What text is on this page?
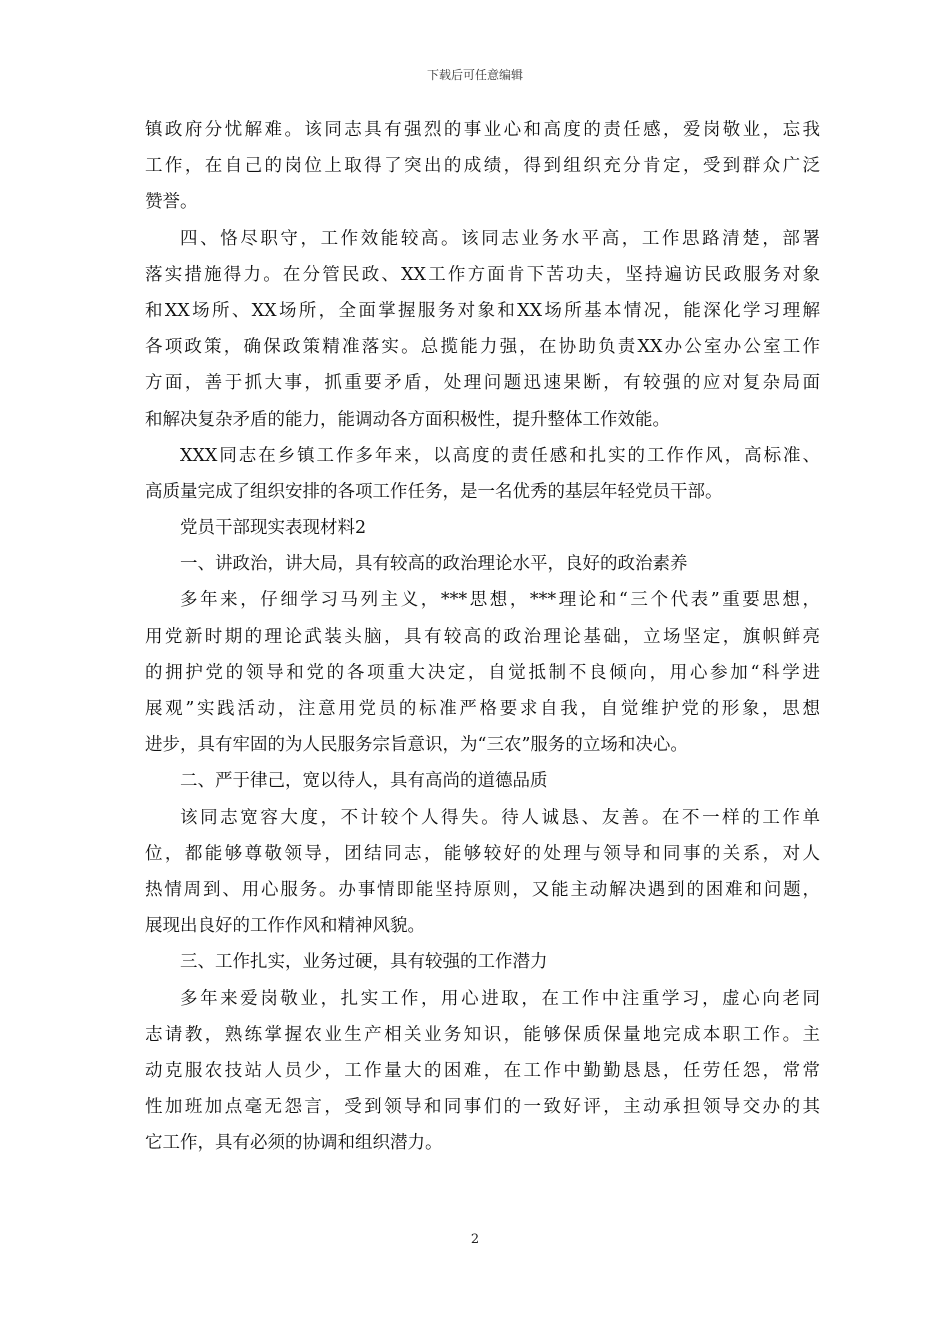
下载后可任意编辑
镇政府分忧解难。该同志具有强烈的事业心和高度的责任感，爱岗敬业，忘我
工作，在自己的岗位上取得了突出的成绩，得到组织充分肯定，受到群众广泛
赞誉。
四、恪尽职守，工作效能较高。该同志业务水平高，工作思路清楚，部署
落实措施得力。在分管民政、XX工作方面肯下苦功夫，坚持遍访民政服务对象
和XX场所、XX场所，全面掌握服务对象和XX场所基本情况，能深化学习理解
各项政策，确保政策精准落实。总揽能力强，在协助负责XX办公室办公室工作
方面，善于抓大事，抓重要矛盾，处理问题迅速果断，有较强的应对复杂局面
和解决复杂矛盾的能力，能调动各方面积极性，提升整体工作效能。
XXX同志在乡镇工作多年来，以高度的责任感和扎实的工作作风，高标准、
高质量完成了组织安排的各项工作任务，是一名优秀的基层年轻党员干部。
党员干部现实表现材料2
一、讲政治，讲大局，具有较高的政治理论水平，良好的政治素养
多年来，仔细学习马列主义，***思想，***理论和“三个代表”重要思想，
用党新时期的理论武装头脑，具有较高的政治理论基础，立场坚定，旗帜鲜亮
的拥护党的领导和党的各项重大决定，自觉抵制不良倾向，用心参加“科学进
展观”实践活动，注意用党员的标准严格要求自我，自觉维护党的形象，思想
进步，具有牢固的为人民服务宗旨意识，为“三农”服务的立场和决心。
二、严于律己，宽以待人，具有高尚的道德品质
该同志宽容大度，不计较个人得失。待人诚恳、友善。在不一样的工作单
位，都能够尊敬领导，团结同志，能够较好的处理与领导和同事的关系，对人
热情周到、用心服务。办事情即能坚持原则，又能主动解决遇到的困难和问题，
展现出良好的工作作风和精神风貌。
三、工作扎实，业务过硬，具有较强的工作潜力
多年来爱岗敬业，扎实工作，用心进取，在工作中注重学习，虚心向老同
志请教，熟练掌握农业生产相关业务知识，能够保质保量地完成本职工作。主
动克服农技站人员少，工作量大的困难，在工作中勤勤恳恳，任劳任怨，常常
性加班加点毫无怨言，受到领导和同事们的一致好评，主动承担领导交办的其
它工作，具有必须的协调和组织潜力。
2
